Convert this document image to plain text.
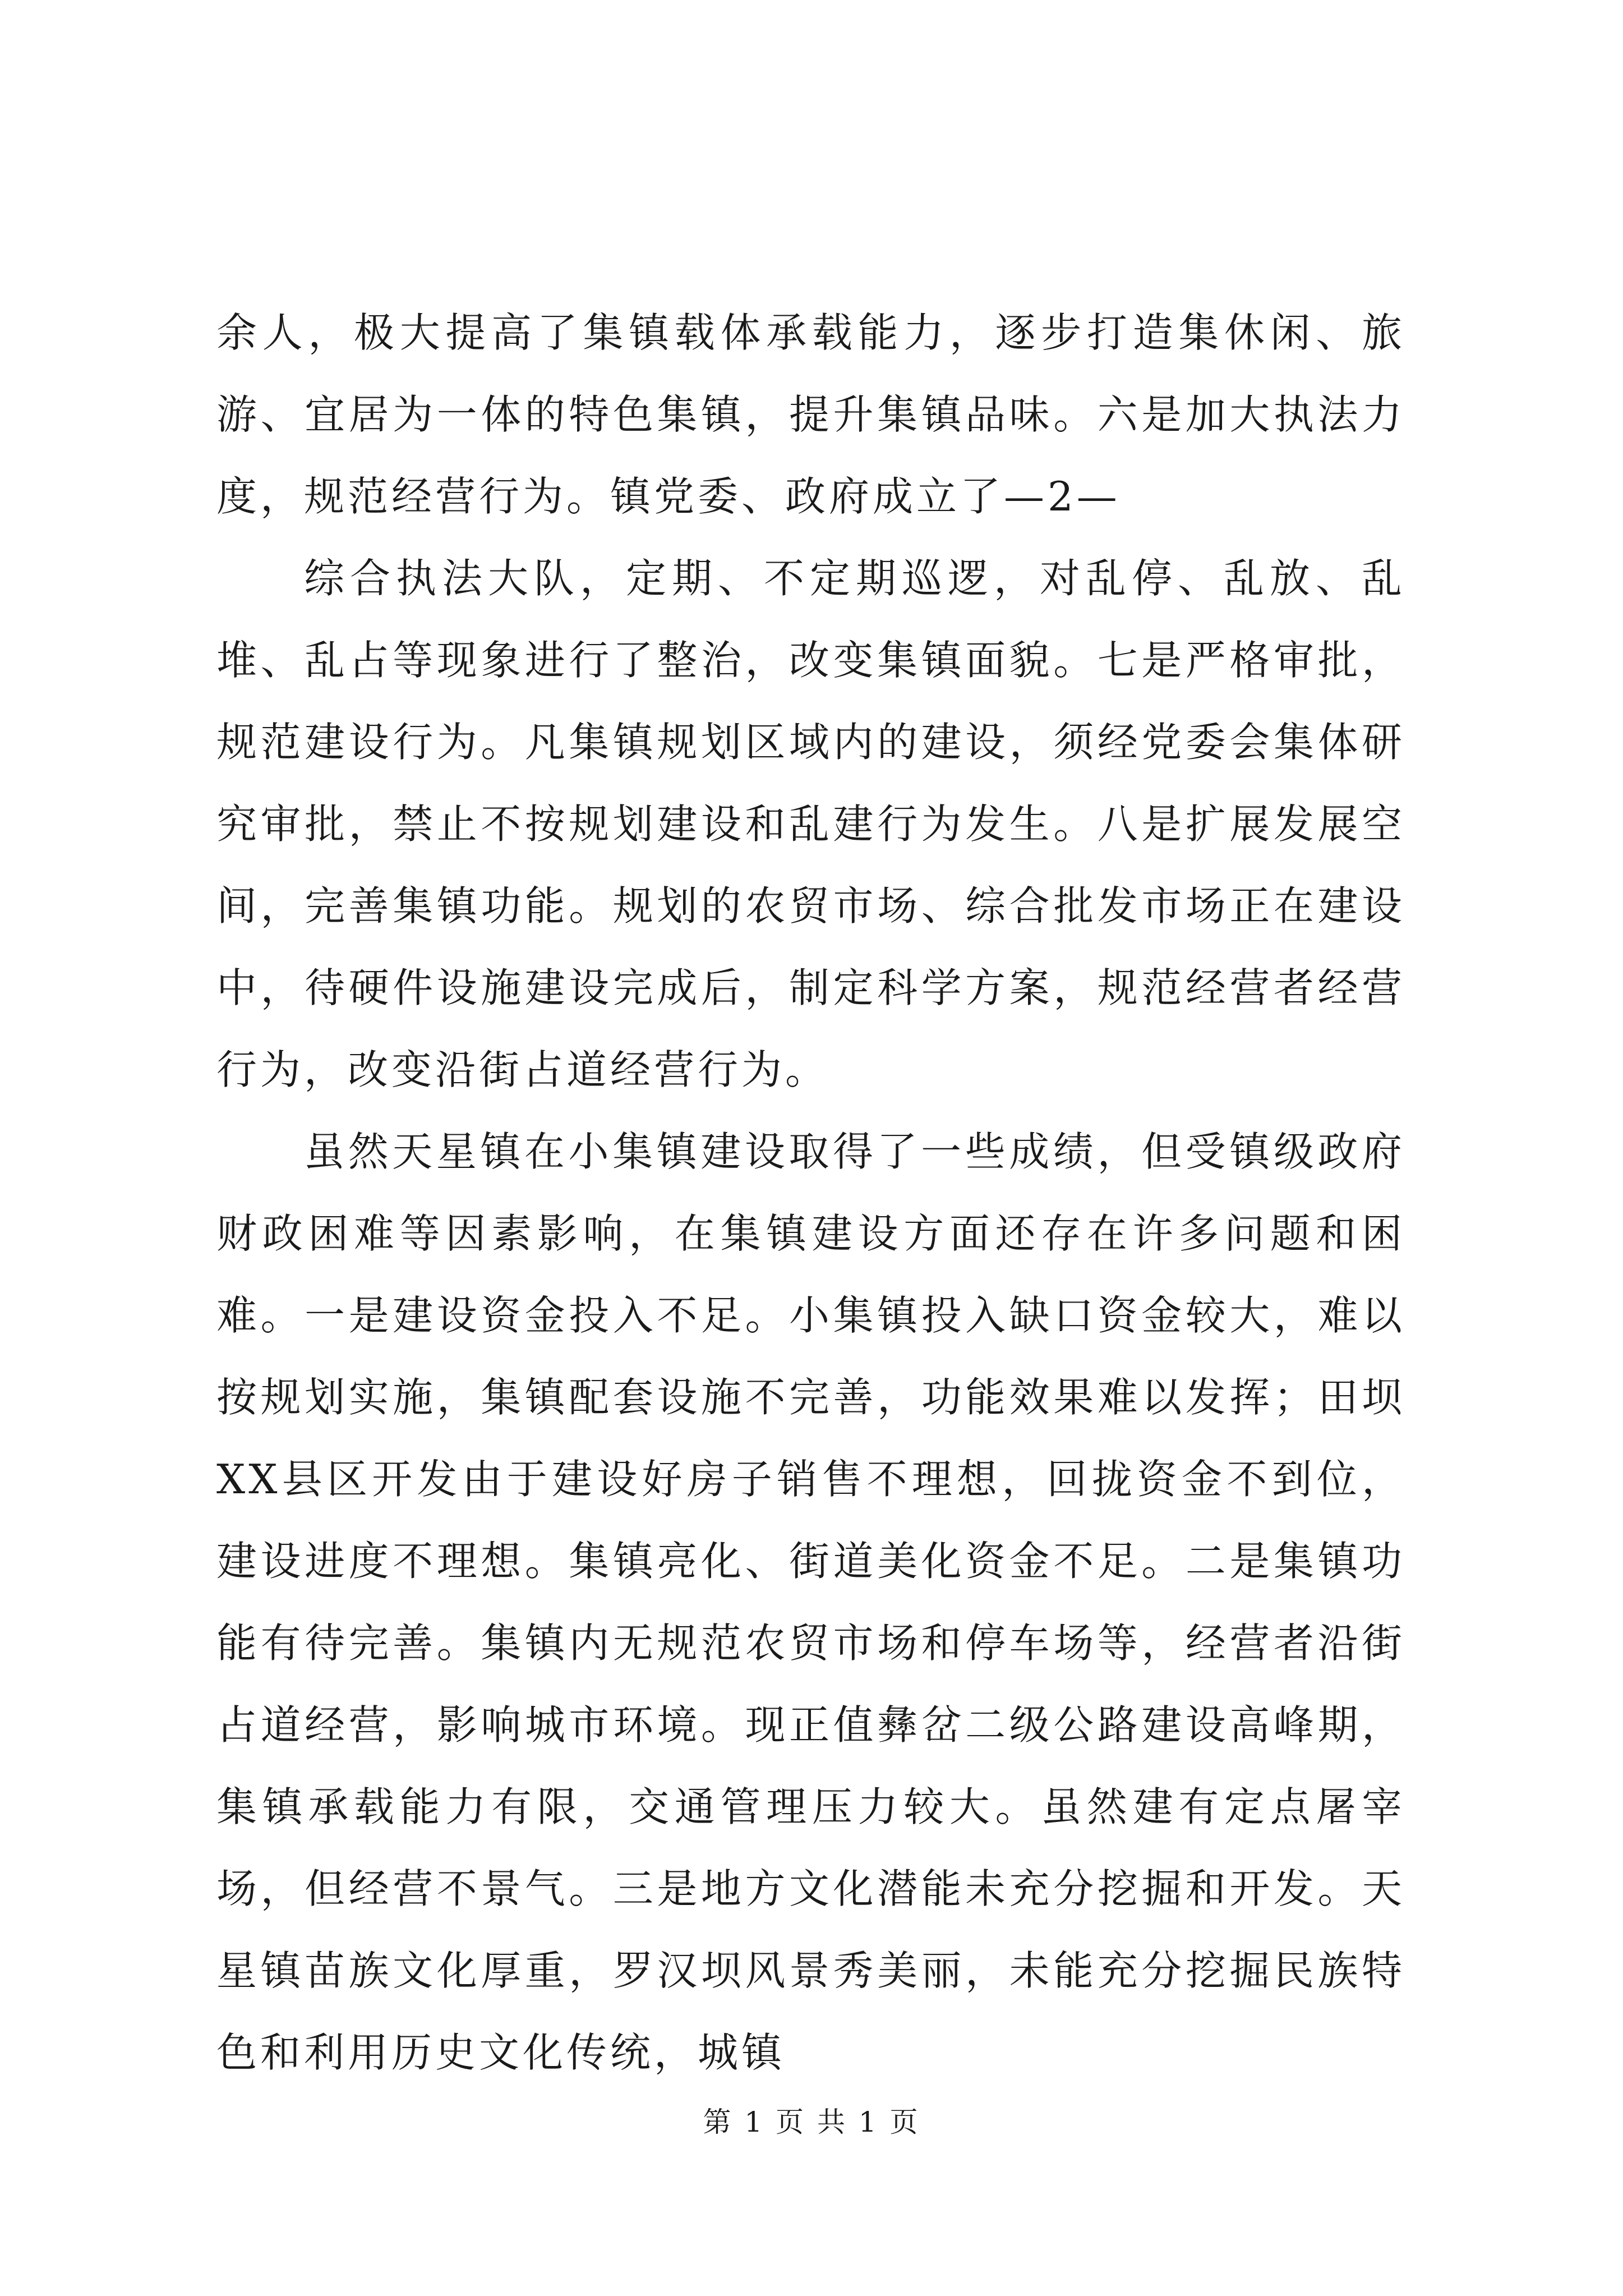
余人，极大提高了集镇载体承载能力，逐步打造集休闲、旅游、宜居为一体的特色集镇，提升集镇品味。六是加大执法力度，规范经营行为。镇党委、政府成立了—2—

综合执法大队，定期、不定期巡逻，对乱停、乱放、乱堆、乱占等现象进行了整治，改变集镇面貌。七是严格审批，规范建设行为。凡集镇规划区域内的建设，须经党委会集体研究审批，禁止不按规划建设和乱建行为发生。八是扩展发展空间，完善集镇功能。规划的农贸市场、综合批发市场正在建设中，待硬件设施建设完成后，制定科学方案，规范经营者经营行为，改变沿街占道经营行为。

虽然天星镇在小集镇建设取得了一些成绩，但受镇级政府财政困难等因素影响，在集镇建设方面还存在许多问题和困难。一是建设资金投入不足。小集镇投入缺口资金较大，难以按规划实施，集镇配套设施不完善，功能效果难以发挥；田坝XX县区开发由于建设好房子销售不理想，回拢资金不到位，建设进度不理想。集镇亮化、街道美化资金不足。二是集镇功能有待完善。集镇内无规范农贸市场和停车场等，经营者沿街占道经营，影响城市环境。现正值彝岔二级公路建设高峰期，集镇承载能力有限，交通管理压力较大。虽然建有定点屠宰场，但经营不景气。三是地方文化潜能未充分挖掘和开发。天星镇苗族文化厚重，罗汉坝风景秀美丽，未能充分挖掘民族特色和利用历史文化传统，城镇

第 1 页 共 1 页
